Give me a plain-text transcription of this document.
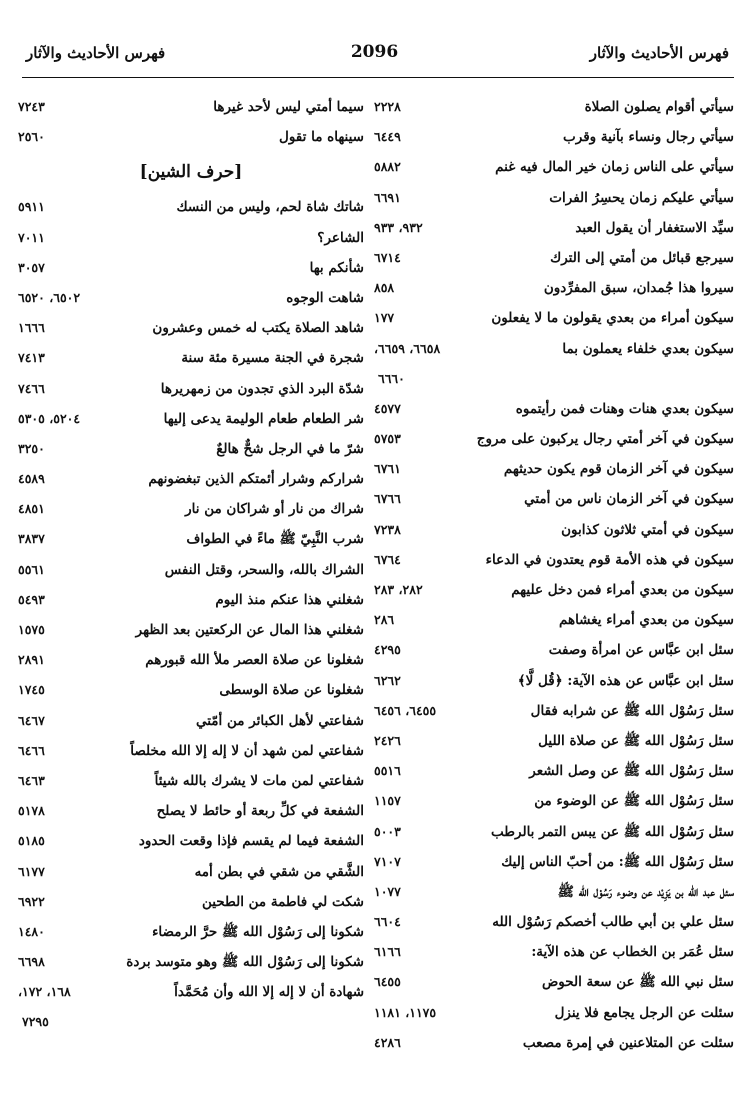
فهرس الأحاديث والآثار
2096
فهرس الأحاديث والآثار
سيأتي أقوام يصلون الصلاة
٢٢٢٨
سيأتي رجال ونساء بآنية وقرب
٦٤٤٩
سيأتي على الناس زمان خير المال فيه غنم
٥٨٨٢
سيأتي عليكم زمان يحسِرُ الفرات
٦٦٩١
سيِّد الاستغفار أن يقول العبد
٩٣٢، ٩٣٣
سيرجع قبائل من أمتي إلى الترك
٦٧١٤
سيروا هذا جُمدان، سبق المفرِّدون
٨٥٨
سيكون أمراء من بعدي يقولون ما لا يفعلون
١٧٧
سيكون بعدي خلفاء يعملون بما
٦٦٥٨، ٦٦٥٩،
٦٦٦٠
سيكون بعدي هنات وهنات فمن رأيتموه
٤٥٧٧
سيكون في آخر أمتي رجال يركبون على مروج
٥٧٥٣
سيكون في آخر الزمان قوم يكون حديثهم
٦٧٦١
سيكون في آخر الزمان ناس من أمتي
٦٧٦٦
سيكون في أمتي ثلاثون كذابون
٧٢٣٨
سيكون في هذه الأمة قوم يعتدون في الدعاء
٦٧٦٤
سيكون من بعدي أمراء فمن دخل عليهم
٢٨٢، ٢٨٣
سيكون من بعدي أمراء يغشاهم
٢٨٦
سئل ابن عبَّاس عن امرأة وصفت
٤٢٩٥
سئل ابن عبَّاس عن هذه الآية: ﴿قُل لَّا﴾
٦٢٦٢
سئل رَسُوْل الله ﷺ عن شرابه فقال
٦٤٥٥، ٦٤٥٦
سئل رَسُوْل الله ﷺ عن صلاة الليل
٢٤٢٦
سئل رَسُوْل الله ﷺ عن وصل الشعر
٥٥١٦
سئل رَسُوْل الله ﷺ عن الوضوء من
١١٥٧
سئل رَسُوْل الله ﷺ عن يبس التمر بالرطب
٥٠٠٣
سئل رَسُوْل الله ﷺ: من أحبّ الناس إليك
٧١٠٧
سئل عبد الله بن يَزِيْد عن وضوء رَسُوْل الله ﷺ
١٠٧٧
سئل علي بن أبي طالب أخصكم رَسُوْل الله
٦٦٠٤
سئل عُمَر بن الخطاب عن هذه الآية:
٦١٦٦
سئل نبي الله ﷺ عن سعة الحوض
٦٤٥٥
سئلت عن الرجل يجامع فلا ينزل
١١٧٥، ١١٨١
سئلت عن المتلاعنين في إمرة مصعب
٤٢٨٦
سيما أمتي ليس لأحد غيرها
٧٢٤٣
سينهاه ما تقول
٢٥٦٠
[حرف الشين]
شاتك شاة لحم، وليس من النسك
٥٩١١
الشاعر؟
٧٠١١
شأنكم بها
٣٠٥٧
شاهت الوجوه
٦٥٠٢، ٦٥٢٠
شاهد الصلاة يكتب له خمس وعشرون
١٦٦٦
شجرة في الجنة مسيرة مئة سنة
٧٤١٣
شدّة البرد الذي تجدون من زمهريرها
٧٤٦٦
شر الطعام طعام الوليمة يدعى إليها
٥٢٠٤، ٥٣٠٥
شرّ ما في الرجل شحٌّ هالعٌ
٣٢٥٠
شراركم وشرار أئمتكم الذين تبغضونهم
٤٥٨٩
شراك من نار أو شراكان من نار
٤٨٥١
شرب النَّبِيّ ﷺ ماءً في الطواف
٣٨٣٧
الشراك بالله، والسحر، وقتل النفس
٥٥٦١
شغلني هذا عنكم منذ اليوم
٥٤٩٣
شغلني هذا المال عن الركعتين بعد الظهر
١٥٧٥
شغلونا عن صلاة العصر ملأ الله قبورهم
٢٨٩١
شغلونا عن صلاة الوسطى
١٧٤٥
شفاعتي لأهل الكبائر من أمّتي
٦٤٦٧
شفاعتي لمن شهد أن لا إله إلا الله مخلصاً
٦٤٦٦
شفاعتي لمن مات لا يشرك بالله شيئاً
٦٤٦٣
الشفعة في كلِّ ربعة أو حائط لا يصلح
٥١٧٨
الشفعة فيما لم يقسم فإذا وقعت الحدود
٥١٨٥
الشَّقي من شقي في بطن أمه
٦١٧٧
شكت لي فاطمة من الطحين
٦٩٢٢
شكونا إلى رَسُوْل الله ﷺ حرَّ الرمضاء
١٤٨٠
شكونا إلى رَسُوْل الله ﷺ وهو متوسد بردة
٦٦٩٨
شهادة أن لا إله إلا الله وأن مُحَمَّداً
١٦٨، ١٧٢،
٧٢٩٥
